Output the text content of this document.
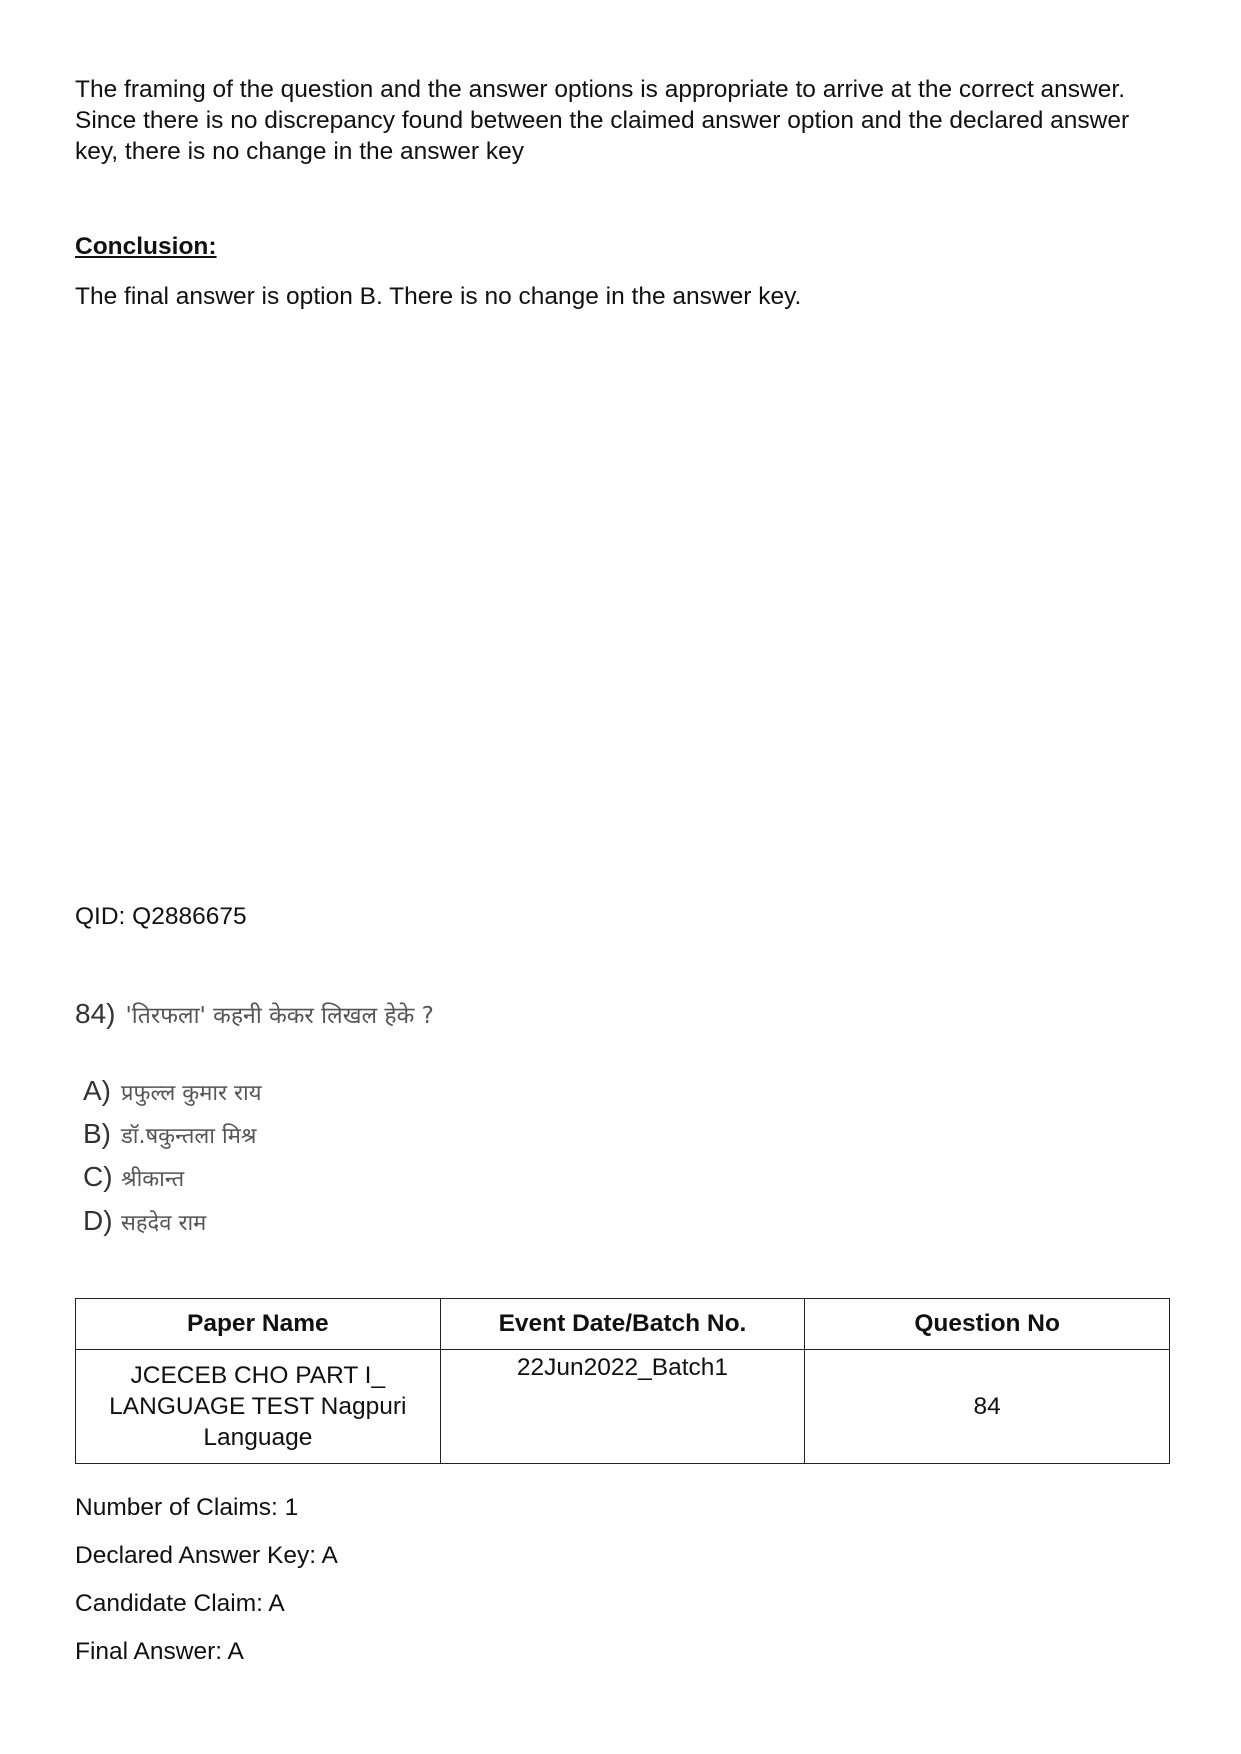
The framing of the question and the answer options is appropriate to arrive at the correct answer.
Since there is no discrepancy found between the claimed answer option and the declared answer
key, there is no change in the answer key
Conclusion:
The final answer is option B. There is no change in the answer key.
QID: Q2886675
84) 'तिरफला' कहनी केकर लिखल हेके ?
A) प्रफुल्ल कुमार राय
B) डॉ.षकुन्तला मिश्र
C) श्रीकान्त
D) सहदेव राम
Paper Name	Event Date/Batch No.	Question No

JCECEB CHO PART I_
LANGUAGE TEST Nagpuri
Language	22Jun2022_Batch1	84
Number of Claims: 1
Declared Answer Key: A
Candidate Claim: A
Final Answer: A
